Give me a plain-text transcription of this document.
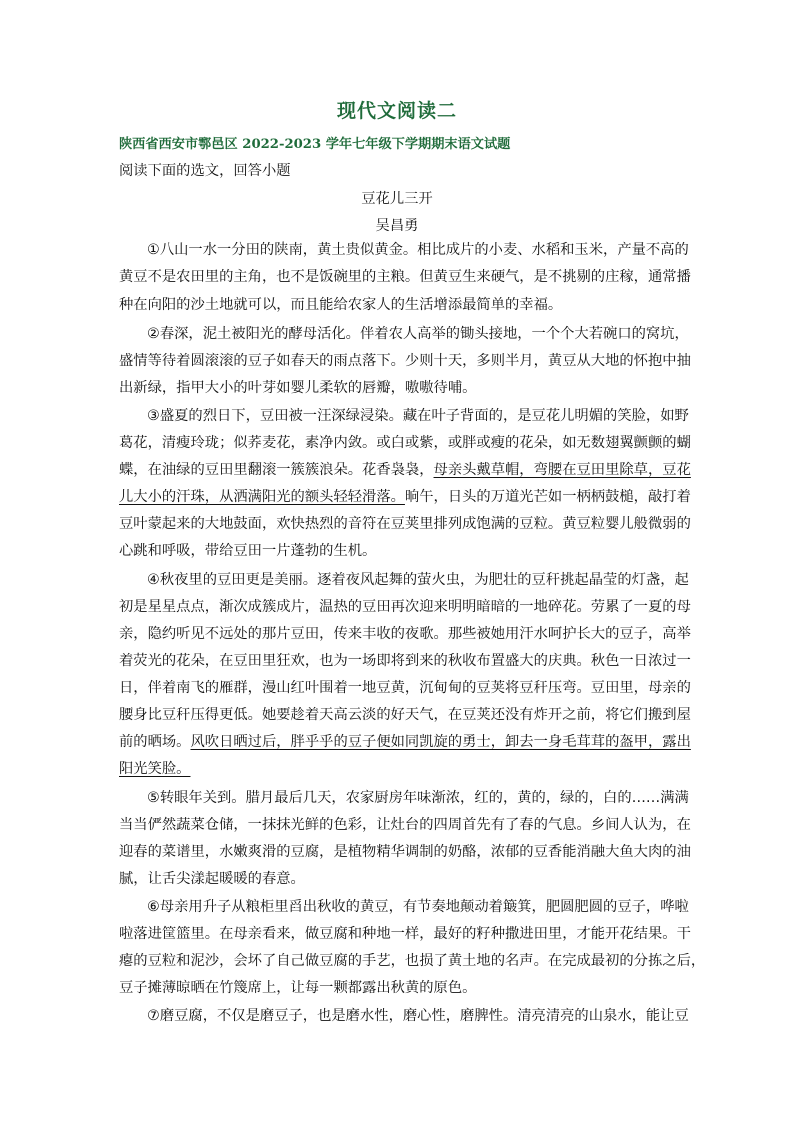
现代文阅读二
陕西省西安市鄠邑区 2022-2023 学年七年级下学期期末语文试题
阅读下面的选文，回答小题
豆花儿三开
吴昌勇
①八山一水一分田的陕南，黄土贵似黄金。相比成片的小麦、水稻和玉米，产量不高的
黄豆不是农田里的主角，也不是饭碗里的主粮。但黄豆生来硬气，是不挑剔的庄稼，通常播
种在向阳的沙土地就可以，而且能给农家人的生活增添最简单的幸福。
②春深，泥土被阳光的酵母活化。伴着农人高举的锄头接地，一个个大若碗口的窝坑，
盛情等待着圆滚滚的豆子如春天的雨点落下。少则十天，多则半月，黄豆从大地的怀抱中抽
出新绿，指甲大小的叶芽如婴儿柔软的唇瓣，嗷嗷待哺。
③盛夏的烈日下，豆田被一汪深绿浸染。藏在叶子背面的，是豆花儿明媚的笑脸，如野
葛花，清瘦玲珑；似荞麦花，素净内敛。或白或紫，或胖或瘦的花朵，如无数翅翼颤颤的蝴
蝶，在油绿的豆田里翻滚一簇簇浪朵。花香袅袅，母亲头戴草帽，弯腰在豆田里除草，豆花
儿大小的汗珠，从洒满阳光的额头轻轻滑落。晌午，日头的万道光芒如一柄柄鼓槌，敲打着
豆叶蒙起来的大地鼓面，欢快热烈的音符在豆荚里排列成饱满的豆粒。黄豆粒婴儿般微弱的
心跳和呼吸，带给豆田一片蓬勃的生机。
④秋夜里的豆田更是美丽。逐着夜风起舞的萤火虫，为肥壮的豆秆挑起晶莹的灯盏，起
初是星星点点，渐次成簇成片，温热的豆田再次迎来明明暗暗的一地碎花。劳累了一夏的母
亲，隐约听见不远处的那片豆田，传来丰收的夜歌。那些被她用汗水呵护长大的豆子，高举
着荧光的花朵，在豆田里狂欢，也为一场即将到来的秋收布置盛大的庆典。秋色一日浓过一
日，伴着南飞的雁群，漫山红叶围着一地豆黄，沉甸甸的豆荚将豆秆压弯。豆田里，母亲的
腰身比豆秆压得更低。她要趁着天高云淡的好天气，在豆荚还没有炸开之前，将它们搬到屋
前的晒场。风吹日晒过后，胖乎乎的豆子便如同凯旋的勇士，卸去一身毛茸茸的盔甲，露出
阳光笑脸。
⑤转眼年关到。腊月最后几天，农家厨房年味渐浓，红的，黄的，绿的，白的……满满
当当俨然蔬菜仓储，一抹抹光鲜的色彩，让灶台的四周首先有了春的气息。乡间人认为，在
迎春的菜谱里，水嫩爽滑的豆腐，是植物精华调制的奶酪，浓郁的豆香能消融大鱼大肉的油
腻，让舌尖漾起暖暖的春意。
⑥母亲用升子从粮柜里舀出秋收的黄豆，有节奏地颠动着簸箕，肥圆肥圆的豆子，哗啦
啦落进筐篮里。在母亲看来，做豆腐和种地一样，最好的籽种撒进田里，才能开花结果。干
瘪的豆粒和泥沙，会坏了自己做豆腐的手艺，也损了黄土地的名声。在完成最初的分拣之后，
豆子摊薄晾晒在竹篾席上，让每一颗都露出秋黄的原色。
⑦磨豆腐，不仅是磨豆子，也是磨水性，磨心性，磨脾性。清亮清亮的山泉水，能让豆
